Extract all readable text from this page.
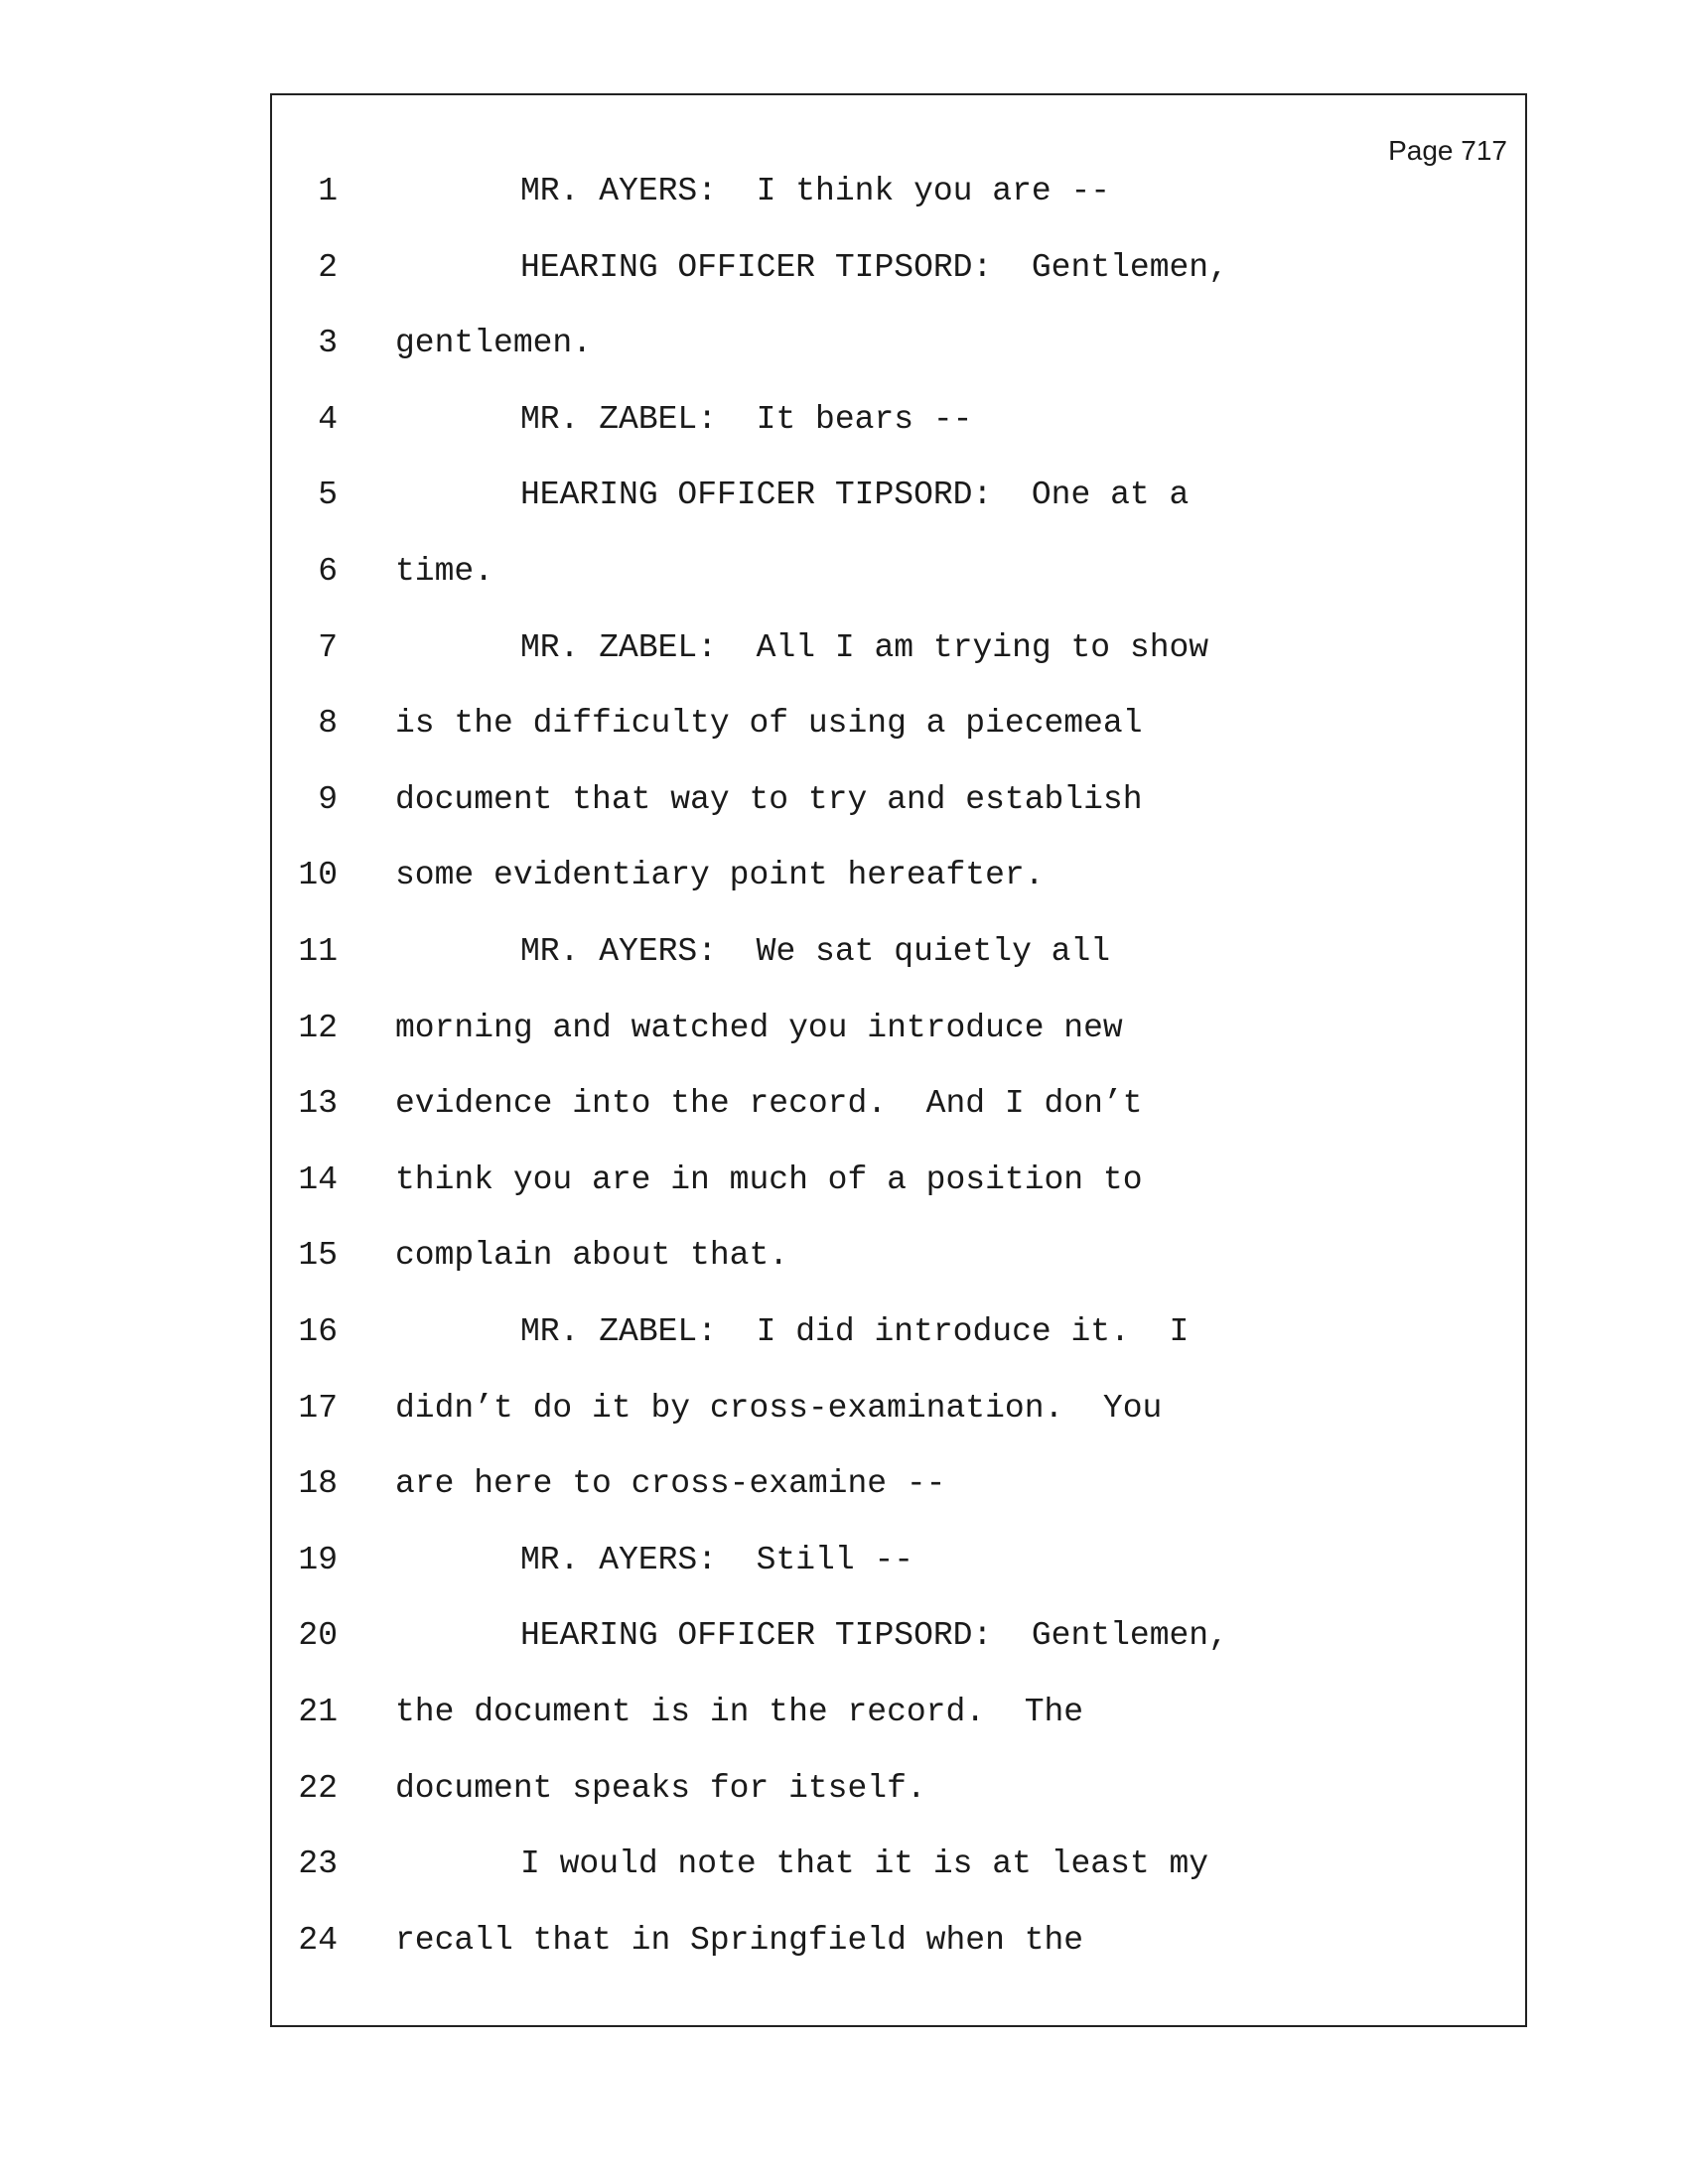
Page 717
1	MR. AYERS:  I think you are --
2	HEARING OFFICER TIPSORD:  Gentlemen,
3 gentlemen.
4	MR. ZABEL:  It bears --
5	HEARING OFFICER TIPSORD:  One at a
6 time.
7	MR. ZABEL:  All I am trying to show
8 is the difficulty of using a piecemeal
9 document that way to try and establish
10 some evidentiary point hereafter.
11	MR. AYERS:  We sat quietly all
12 morning and watched you introduce new
13 evidence into the record.  And I don’t
14 think you are in much of a position to
15 complain about that.
16	MR. ZABEL:  I did introduce it.  I
17 didn’t do it by cross-examination.  You
18 are here to cross-examine --
19	MR. AYERS:  Still --
20	HEARING OFFICER TIPSORD:  Gentlemen,
21 the document is in the record.  The
22 document speaks for itself.
23	I would note that it is at least my
24 recall that in Springfield when the
